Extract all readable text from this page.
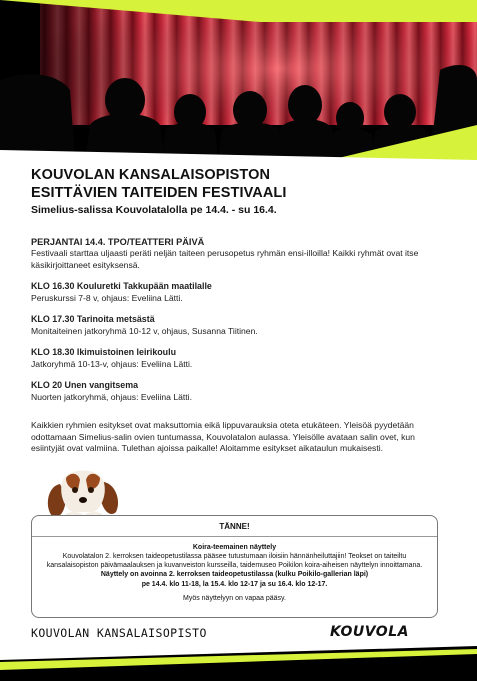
KOUVOLAN KANSALAISOPISTON
ESITTÄVIEN TAITEIDEN FESTIVAALI
Simelius-salissa Kouvolatalolla pe 14.4. - su 16.4.
PERJANTAI 14.4. TPO/TEATTERI PÄIVÄ
Festivaali starttaa uljaasti peräti neljän taiteen perusopetus ryhmän ensi-illoilla! Kaikki ryhmät ovat itse käsikirjoittaneet esityksensä.
KLO 16.30 Kouluretki Takkupään maatilalle
Peruskurssi 7-8 v, ohjaus: Eveliina Lätti.
KLO 17.30 Tarinoita metsästä
Monitaiteinen jatkoryhmä 10-12 v, ohjaus, Susanna Tiitinen.
KLO 18.30 Ikimuistoinen leirikoulu
Jatkoryhmä 10-13-v, ohjaus: Eveliina Lätti.
KLO 20 Unen vangitsema
Nuorten jatkoryhmä, ohjaus: Eveliina Lätti.
Kaikkien ryhmien esitykset ovat maksuttomia eikä lippuvarauksia oteta etukäteen. Yleisöä pyydetään odottamaan Simelius-salin ovien tuntumassa, Kouvolatalon aulassa. Yleisölle avataan salin ovet, kun esiintyjät ovat valmiina. Tulethan ajoissa paikalle! Aloitamme esitykset aikataulun mukaisesti.
TÄNNE!
Koira-teemainen näyttely
Kouvolatalon 2. kerroksen taideopetustilassa pääsee tutustumaan iloisiin hännänheiluttajiin! Teokset on taiteiltu kansalaisopiston päivämaalauksen ja kuvanveiston kursseilla, taidemuseo Poikilon koira-aiheisen näyttelyn innoittamana.
Näyttely on avoinna 2. kerroksen taideopetustilassa (kulku Poikilo-gallerian läpi)
pe 14.4. klo 11-18, la 15.4. klo 12-17 ja su 16.4. klo 12-17.
Myös näyttelyyn on vapaa pääsy.
KOUVOLAN KANSALAISOPISTO	KOUVOLA
